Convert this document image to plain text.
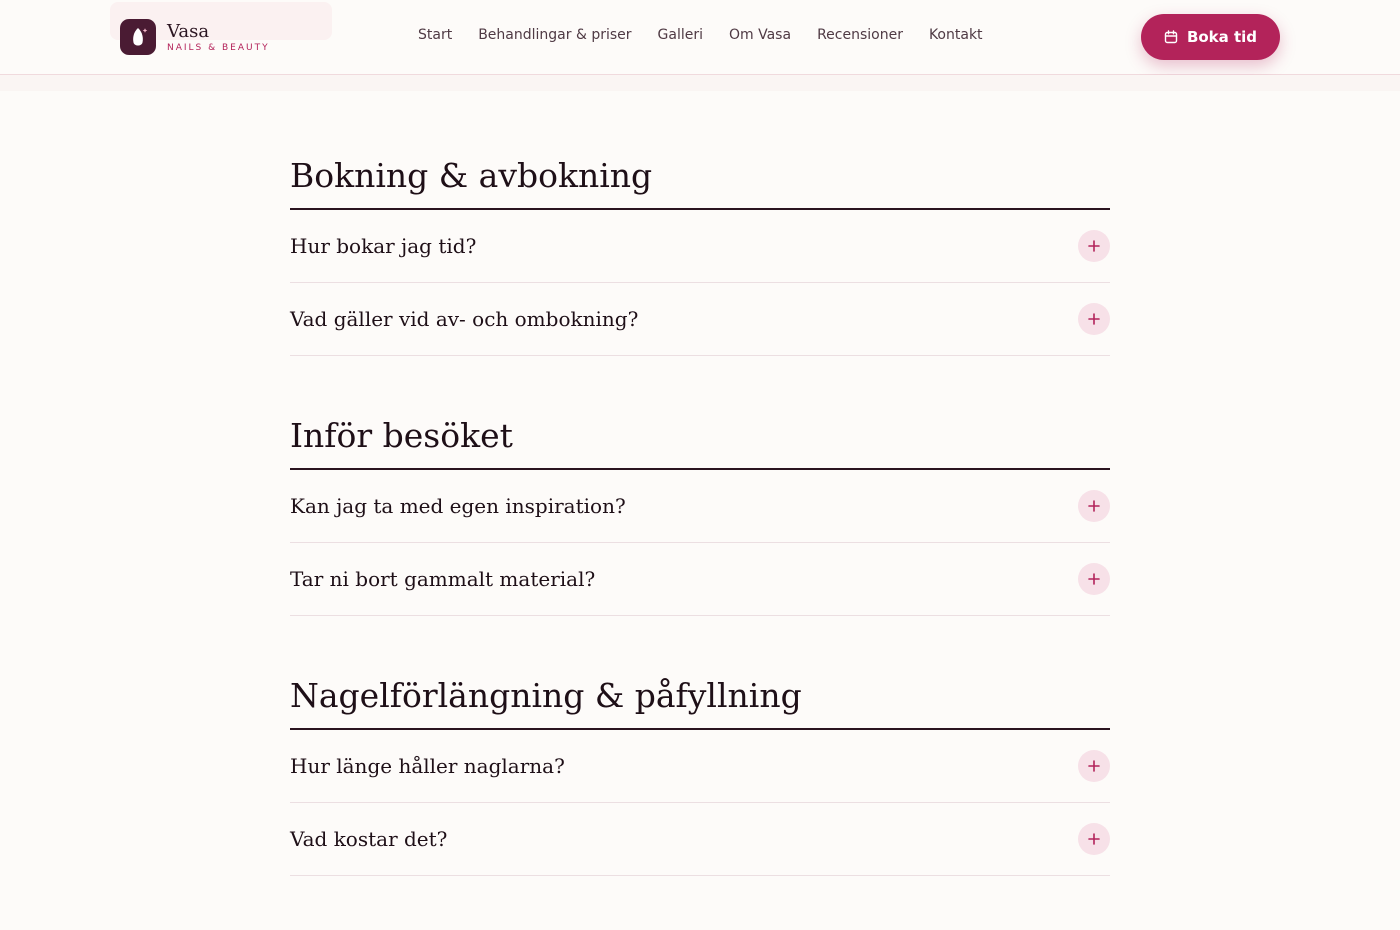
Vasa
NAILS & BEAUTY
Start Behandlingar & priser Galleri Om Vasa Recensioner Kontakt	Boka tid
Bokning & avbokning
Hur bokar jag tid?
Vad gäller vid av- och ombokning?
Inför besöket
Kan jag ta med egen inspiration?
Tar ni bort gammalt material?
Nagelförlängning & påfyllning
Hur länge håller naglarna?
Vad kostar det?
